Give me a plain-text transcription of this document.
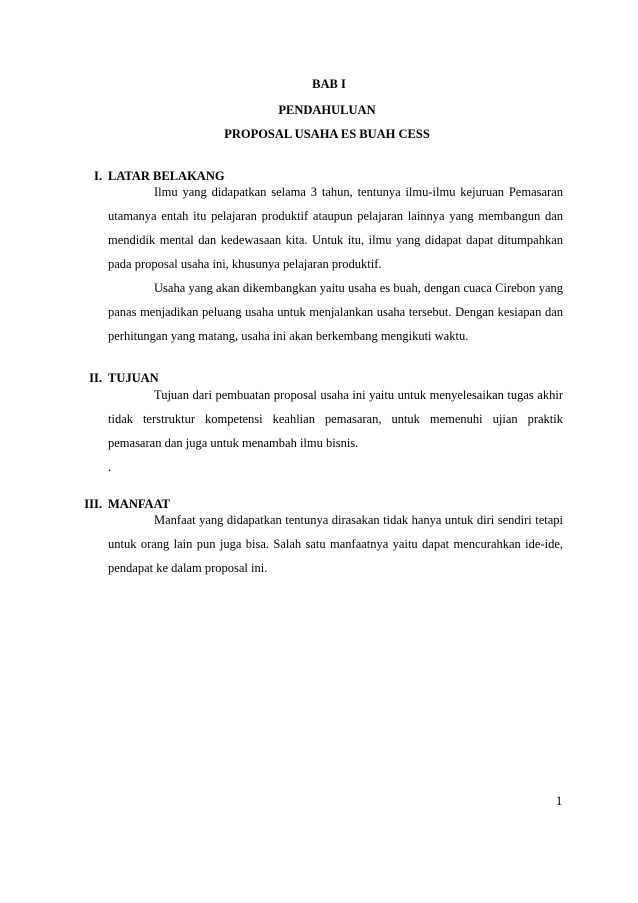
BAB I

PENDAHULUAN

PROPOSAL USAHA ES BUAH CESS

I. LATAR BELAKANG

Ilmu yang didapatkan selama 3 tahun, tentunya ilmu-ilmu kejuruan Pemasaran utamanya entah itu pelajaran produktif ataupun pelajaran lainnya yang membangun dan mendidik mental dan kedewasaan kita. Untuk itu, ilmu yang didapat dapat ditumpahkan pada proposal usaha ini, khusunya pelajaran produktif.

Usaha yang akan dikembangkan yaitu usaha es buah, dengan cuaca Cirebon yang panas menjadikan peluang usaha untuk menjalankan usaha tersebut. Dengan kesiapan dan perhitungan yang matang, usaha ini akan berkembang mengikuti waktu.

II. TUJUAN

Tujuan dari pembuatan proposal usaha ini yaitu untuk menyelesaikan tugas akhir tidak terstruktur kompetensi keahlian pemasaran, untuk memenuhi ujian praktik pemasaran dan juga untuk menambah ilmu bisnis.

.

III. MANFAAT

Manfaat yang didapatkan tentunya dirasakan tidak hanya untuk diri sendiri tetapi untuk orang lain pun juga bisa. Salah satu manfaatnya yaitu dapat mencurahkan ide-ide, pendapat ke dalam proposal ini.

1
